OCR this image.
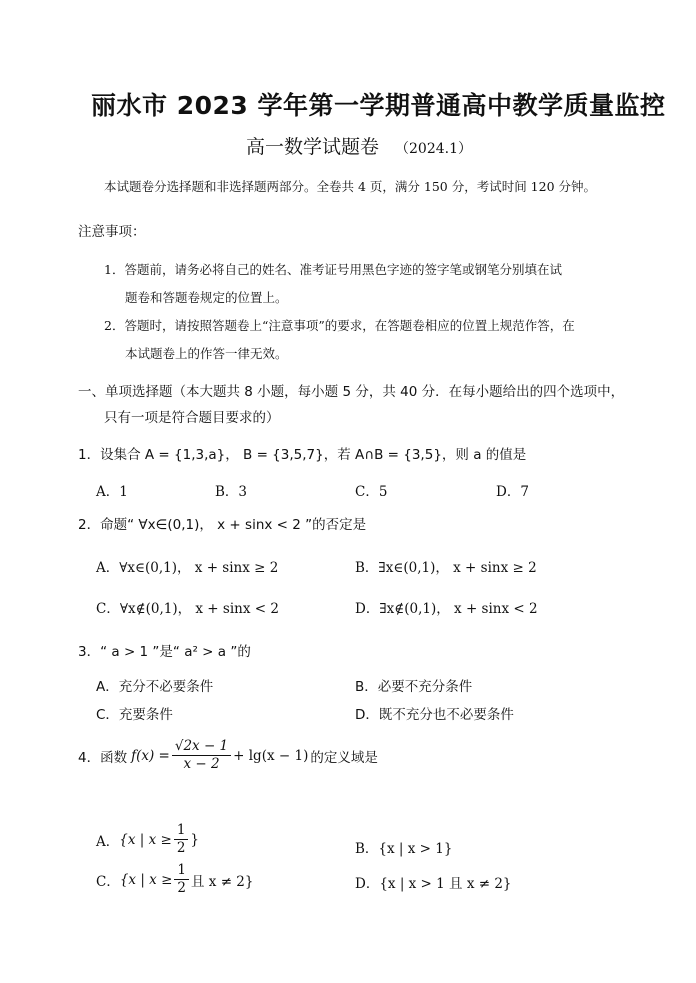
丽水市 2023 学年第一学期普通高中教学质量监控
高一数学试题卷 （2024.1）
本试题卷分选择题和非选择题两部分。全卷共 4 页，满分 150 分，考试时间 120 分钟。
注意事项：
1．答题前，请务必将自己的姓名、准考证号用黑色字迹的签字笔或钢笔分别填在试
题卷和答题卷规定的位置上。
2．答题时，请按照答题卷上“注意事项”的要求，在答题卷相应的位置上规范作答，在
本试题卷上的作答一律无效。
一、单项选择题（本大题共 8 小题，每小题 5 分，共 40 分．在每小题给出的四个选项中，
只有一项是符合题目要求的）
1．设集合 A = {1,3,a}， B = {3,5,7}，若 A∩B = {3,5}，则 a 的值是
A．1	B．3	C．5	D．7
2．命题“ ∀x∈(0,1)， x + sinx < 2 ”的否定是
A．∀x∈(0,1)， x + sinx ≥ 2	B．∃x∈(0,1)， x + sinx ≥ 2
C．∀x∉(0,1)， x + sinx < 2	D．∃x∉(0,1)， x + sinx < 2
3．“ a > 1 ”是“ a² > a ”的
A．充分不必要条件	B．必要不充分条件
C．充要条件	D．既不充分也不必要条件
4．函数 $f(x) = \frac{√2x - 1}{x - 2} + \lg(x - 1)$ 的定义域是
A． {x | $x \ge \frac{1}{2}$ }
B．{x | x > 1}
C． {x | $x \ge \frac{1}{2}$ 且 x ≠ 2}	D．{x | x > 1 且 x ≠ 2}
